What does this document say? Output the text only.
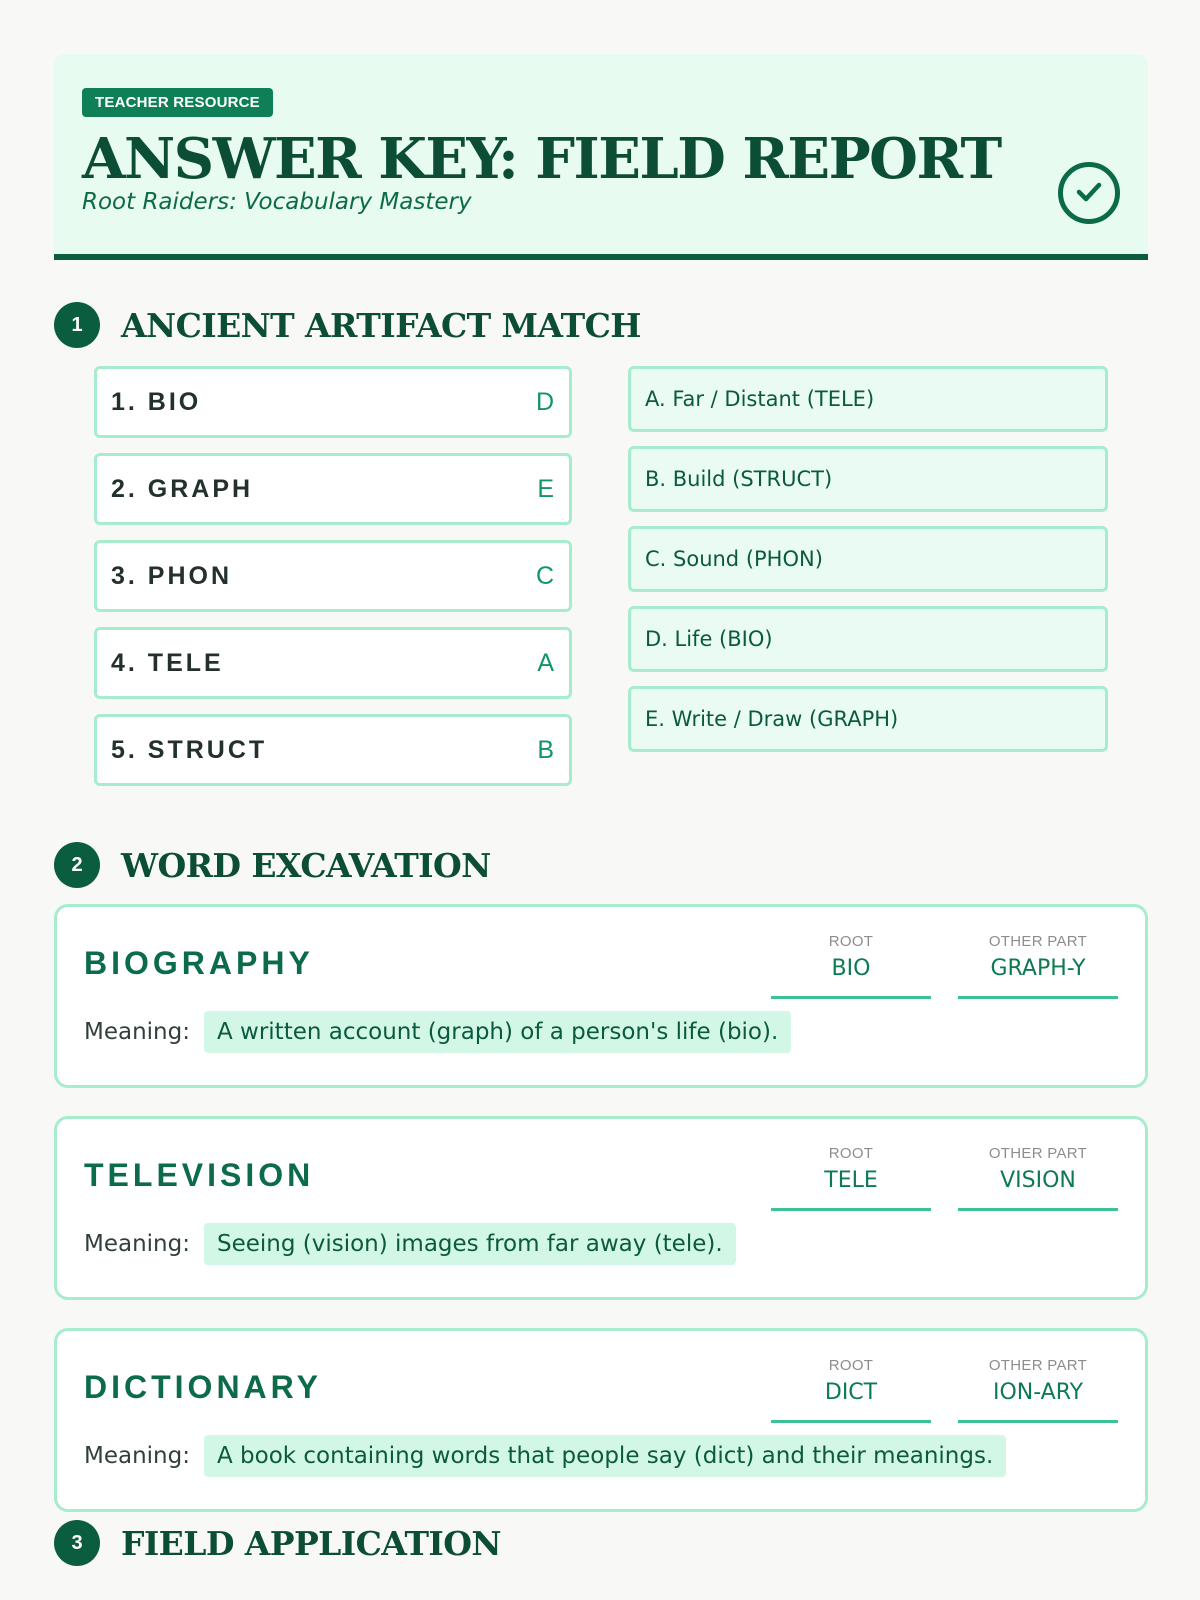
TEACHER RESOURCE
ANSWER KEY: FIELD REPORT
Root Raiders: Vocabulary Mastery
1	ANCIENT ARTIFACT MATCH
1. BIO	D
2. GRAPH	E
3. PHON	C
4. TELE	A
5. STRUCT	B
A. Far / Distant (TELE)
B. Build (STRUCT)
C. Sound (PHON)
D. Life (BIO)
E. Write / Draw (GRAPH)
2	WORD EXCAVATION
BIOGRAPHY
ROOT
BIO
OTHER PART
GRAPH-Y
Meaning:	A written account (graph) of a person's life (bio).
TELEVISION
ROOT
TELE
OTHER PART
VISION
Meaning:	Seeing (vision) images from far away (tele).
DICTIONARY
ROOT
DICT
OTHER PART
ION-ARY
Meaning:	A book containing words that people say (dict) and their meanings.
3	FIELD APPLICATION
